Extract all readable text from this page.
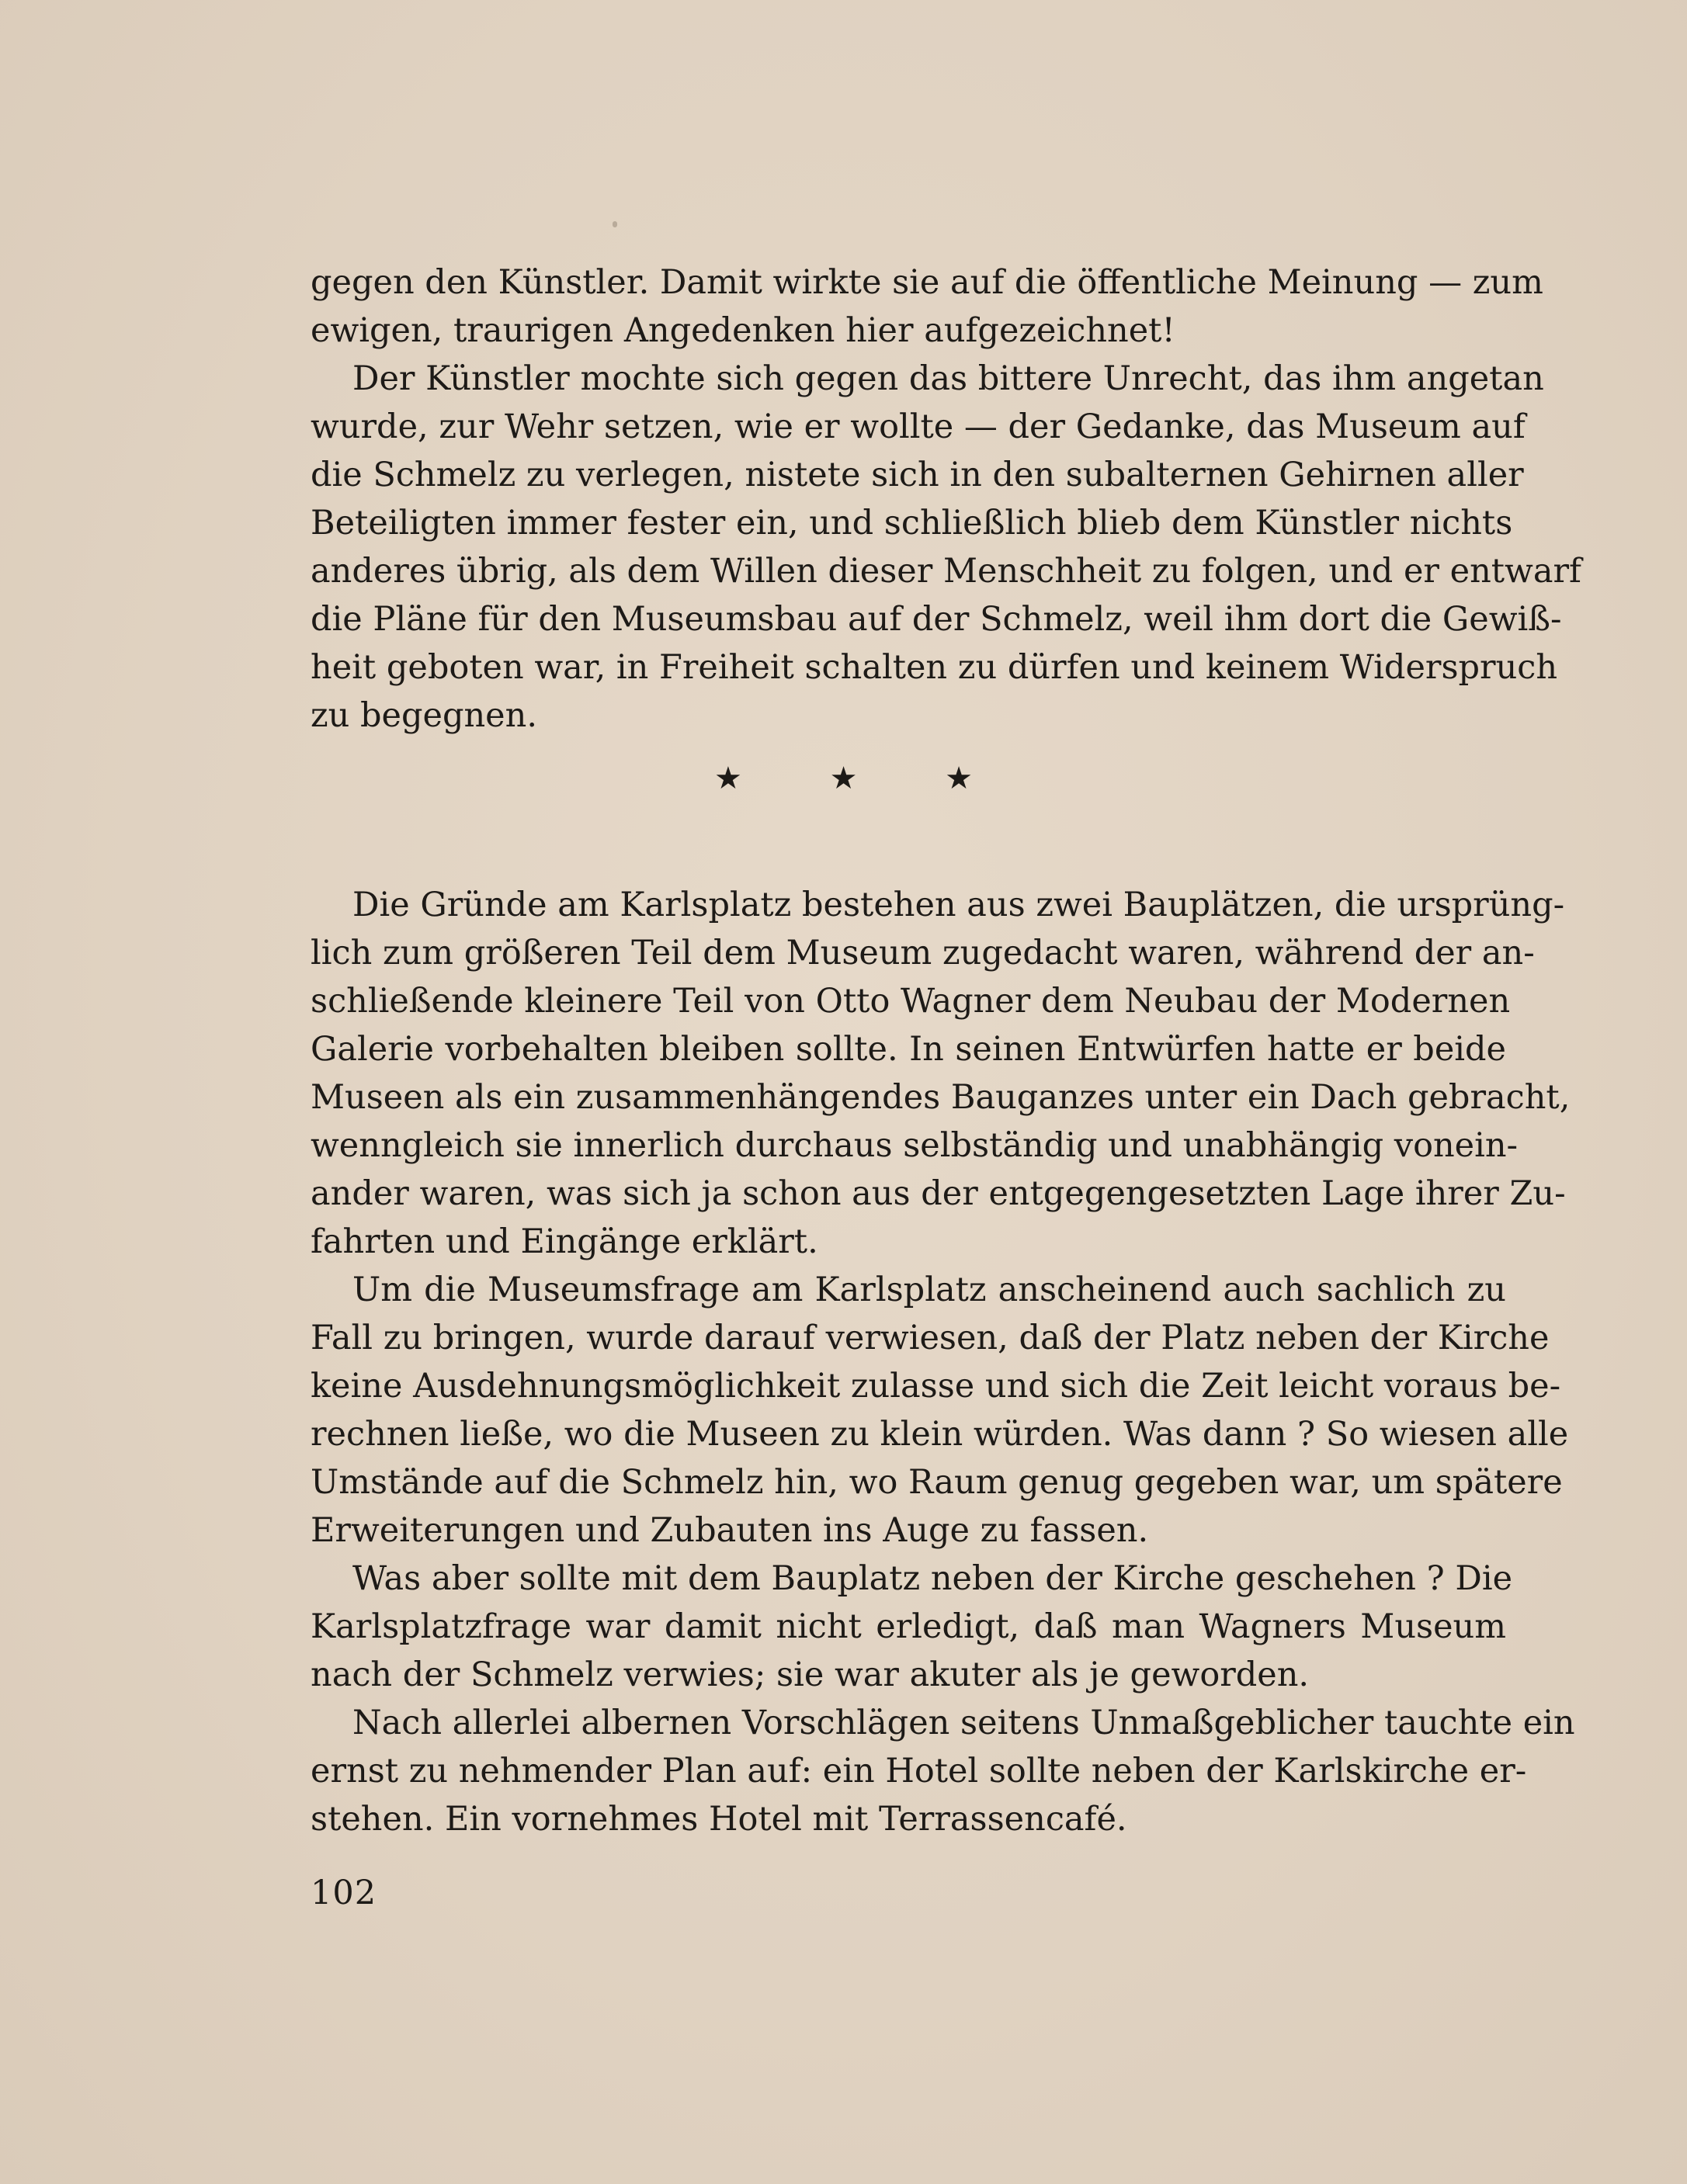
gegen den Künstler. Damit wirkte sie auf die öffentliche Meinung — zum
ewigen, traurigen Angedenken hier aufgezeichnet!
Der Künstler mochte sich gegen das bittere Unrecht, das ihm angetan
wurde, zur Wehr setzen, wie er wollte — der Gedanke, das Museum auf
die Schmelz zu verlegen, nistete sich in den subalternen Gehirnen aller
Beteiligten immer fester ein, und schließlich blieb dem Künstler nichts
anderes übrig, als dem Willen dieser Menschheit zu folgen, und er entwarf
die Pläne für den Museumsbau auf der Schmelz, weil ihm dort die Gewiß-
heit geboten war, in Freiheit schalten zu dürfen und keinem Widerspruch
zu begegnen.
★	★	★
Die Gründe am Karlsplatz bestehen aus zwei Bauplätzen, die ursprüng-
lich zum größeren Teil dem Museum zugedacht waren, während der an-
schließende kleinere Teil von Otto Wagner dem Neubau der Modernen
Galerie vorbehalten bleiben sollte. In seinen Entwürfen hatte er beide
Museen als ein zusammenhängendes Bauganzes unter ein Dach gebracht,
wenngleich sie innerlich durchaus selbständig und unabhängig vonein-
ander waren, was sich ja schon aus der entgegengesetzten Lage ihrer Zu-
fahrten und Eingänge erklärt.
Um die Museumsfrage am Karlsplatz anscheinend auch sachlich zu
Fall zu bringen, wurde darauf verwiesen, daß der Platz neben der Kirche
keine Ausdehnungsmöglichkeit zulasse und sich die Zeit leicht voraus be-
rechnen ließe, wo die Museen zu klein würden. Was dann ? So wiesen alle
Umstände auf die Schmelz hin, wo Raum genug gegeben war, um spätere
Erweiterungen und Zubauten ins Auge zu fassen.
Was aber sollte mit dem Bauplatz neben der Kirche geschehen ? Die
Karlsplatzfrage war damit nicht erledigt, daß man Wagners Museum
nach der Schmelz verwies; sie war akuter als je geworden.
Nach allerlei albernen Vorschlägen seitens Unmaßgeblicher tauchte ein
ernst zu nehmender Plan auf: ein Hotel sollte neben der Karlskirche er-
stehen. Ein vornehmes Hotel mit Terrassencafé.
102
